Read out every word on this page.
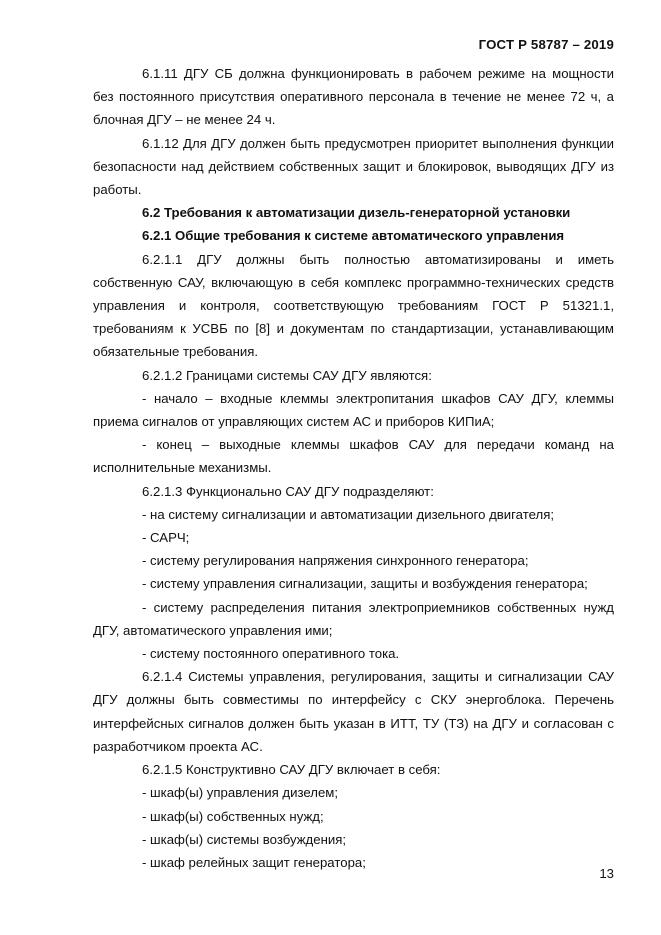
ГОСТ Р 58787 – 2019

6.1.11 ДГУ СБ должна функционировать в рабочем режиме на мощности без постоянного присутствия оперативного персонала в течение не менее 72 ч, а блочная ДГУ – не менее 24 ч.

6.1.12 Для ДГУ должен быть предусмотрен приоритет выполнения функции безопасности над действием собственных защит и блокировок, выводящих ДГУ из работы.

6.2 Требования к автоматизации дизель-генераторной установки

6.2.1 Общие требования к системе автоматического управления

6.2.1.1 ДГУ должны быть полностью автоматизированы и иметь собственную САУ, включающую в себя комплекс программно-технических средств управления и контроля, соответствующую требованиям ГОСТ Р 51321.1, требованиям к УСВБ по [8] и документам по стандартизации, устанавливающим обязательные требования.

6.2.1.2 Границами системы САУ ДГУ являются:

- начало – входные клеммы электропитания шкафов САУ ДГУ, клеммы приема сигналов от управляющих систем АС и приборов КИПиА;

- конец – выходные клеммы шкафов САУ для передачи команд на исполнительные механизмы.

6.2.1.3 Функционально САУ ДГУ подразделяют:

- на систему сигнализации и автоматизации дизельного двигателя;

- САРЧ;

- систему регулирования напряжения синхронного генератора;

- систему управления сигнализации, защиты и возбуждения генератора;

- систему распределения питания электроприемников собственных нужд ДГУ, автоматического управления ими;

- систему постоянного оперативного тока.

6.2.1.4 Системы управления, регулирования, защиты и сигнализации САУ ДГУ должны быть совместимы по интерфейсу с СКУ энергоблока. Перечень интерфейсных сигналов должен быть указан в ИТТ, ТУ (ТЗ) на ДГУ и согласован с разработчиком проекта АС.

6.2.1.5 Конструктивно САУ ДГУ включает в себя:

- шкаф(ы) управления дизелем;

- шкаф(ы) собственных нужд;

- шкаф(ы) системы возбуждения;

- шкаф релейных защит генератора;

13
